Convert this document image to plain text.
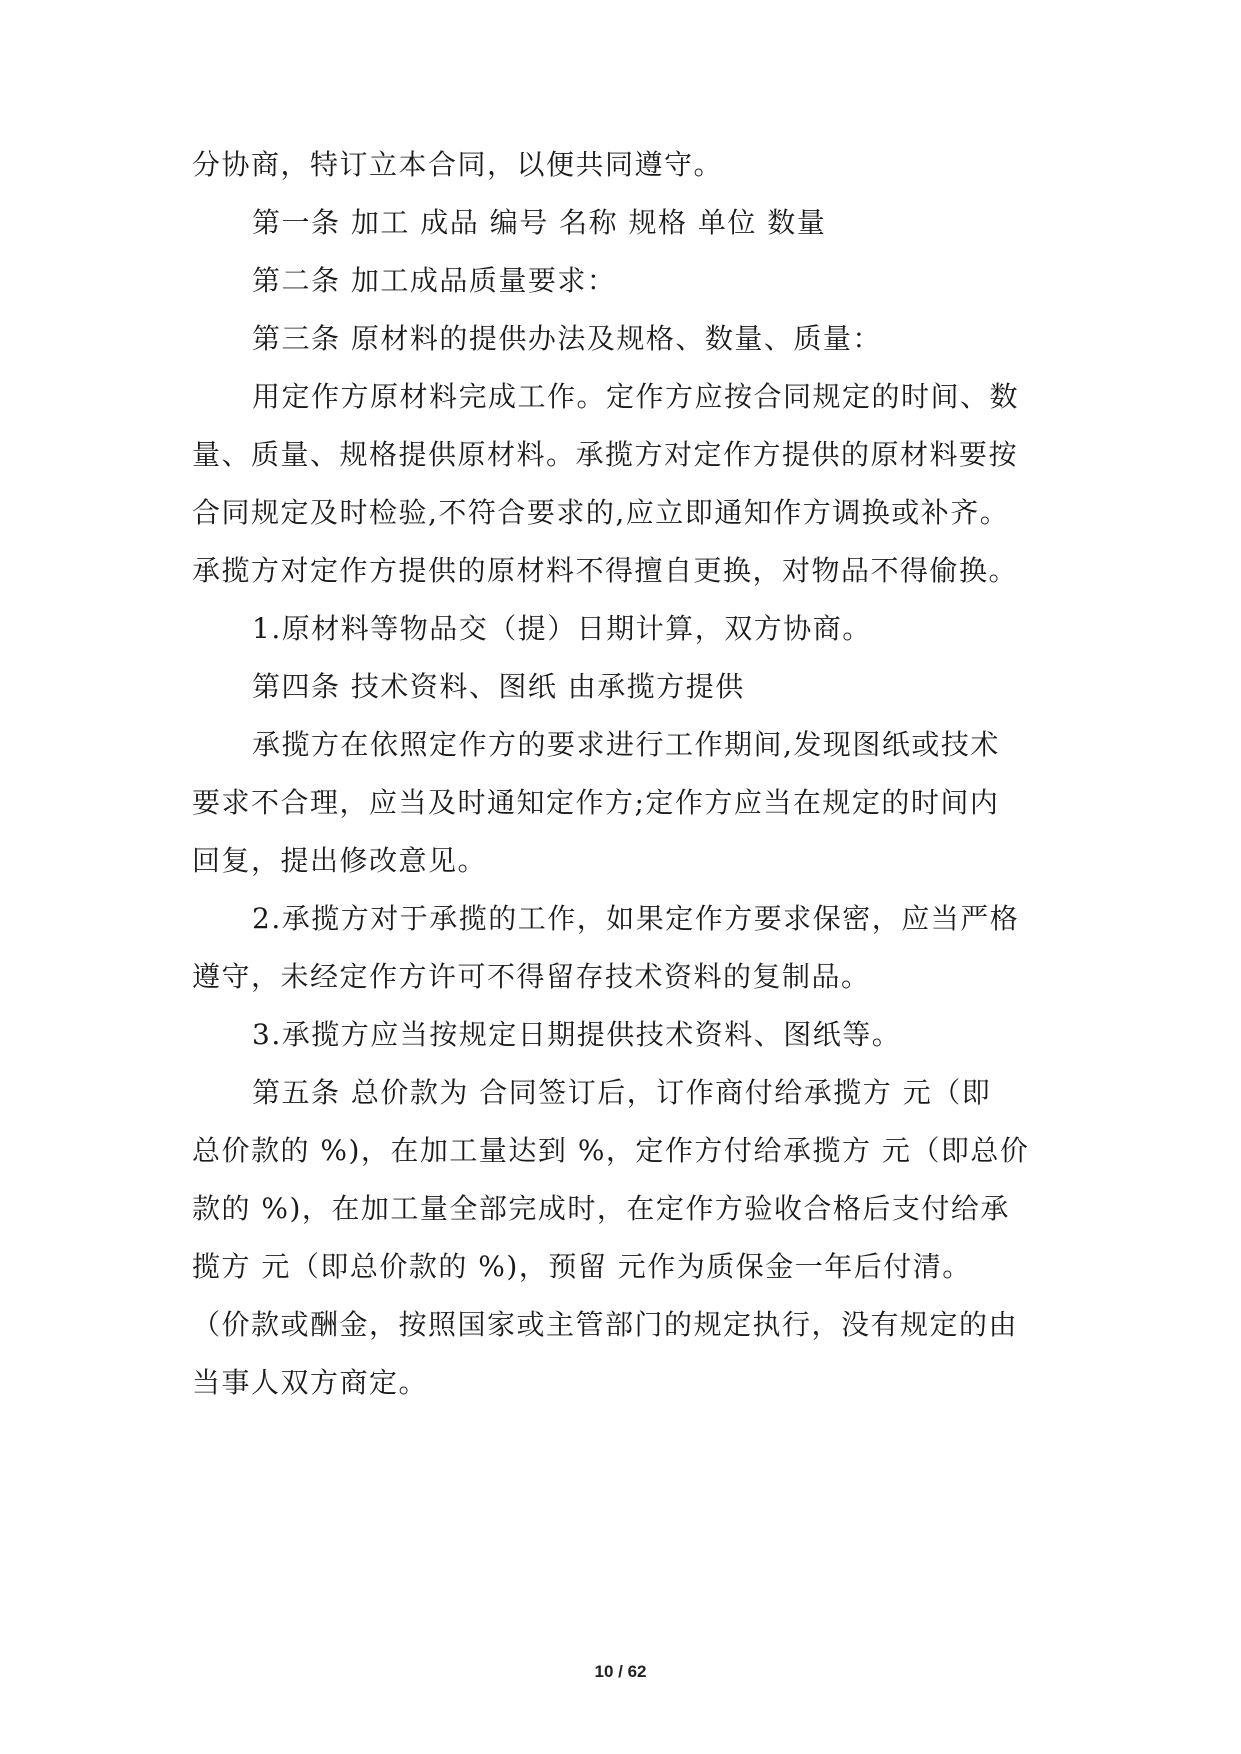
分协商，特订立本合同，以便共同遵守。
第一条 加工 成品 编号 名称 规格 单位 数量
第二条 加工成品质量要求：
第三条 原材料的提供办法及规格、数量、质量：
用定作方原材料完成工作。定作方应按合同规定的时间、数
量、质量、规格提供原材料。承揽方对定作方提供的原材料要按
合同规定及时检验,不符合要求的,应立即通知作方调换或补齐。
承揽方对定作方提供的原材料不得擅自更换，对物品不得偷换。
1.原材料等物品交（提）日期计算，双方协商。
第四条 技术资料、图纸 由承揽方提供
承揽方在依照定作方的要求进行工作期间,发现图纸或技术
要求不合理，应当及时通知定作方;定作方应当在规定的时间内
回复，提出修改意见。
2.承揽方对于承揽的工作，如果定作方要求保密，应当严格
遵守，未经定作方许可不得留存技术资料的复制品。
3.承揽方应当按规定日期提供技术资料、图纸等。
第五条 总价款为 合同签订后，订作商付给承揽方 元（即
总价款的 %)，在加工量达到 %，定作方付给承揽方 元（即总价
款的 %)，在加工量全部完成时，在定作方验收合格后支付给承
揽方 元（即总价款的 %)，预留 元作为质保金一年后付清。
（价款或酬金，按照国家或主管部门的规定执行，没有规定的由
当事人双方商定。
10 / 62
